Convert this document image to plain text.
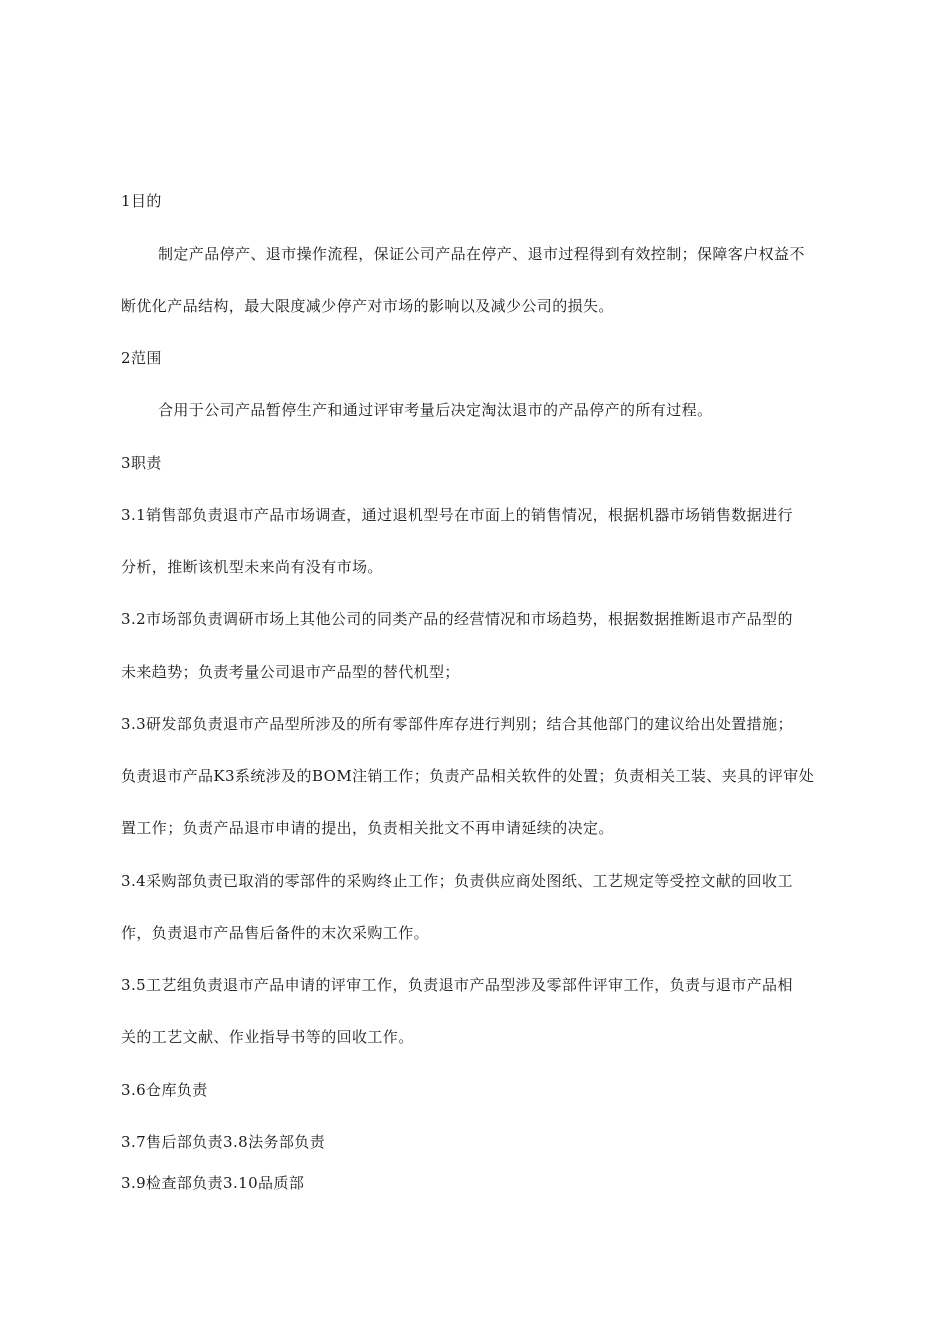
1目的
制定产品停产、退市操作流程，保证公司产品在停产、退市过程得到有效控制；保障客户权益不
断优化产品结构，最大限度减少停产对市场的影响以及减少公司的损失。
2范围
合用于公司产品暂停生产和通过评审考量后决定淘汰退市的产品停产的所有过程。
3职责
3.1销售部负责退市产品市场调查，通过退机型号在市面上的销售情况，根据机器市场销售数据进行
分析，推断该机型未来尚有没有市场。
3.2市场部负责调研市场上其他公司的同类产品的经营情况和市场趋势，根据数据推断退市产品型的
未来趋势；负责考量公司退市产品型的替代机型；
3.3研发部负责退市产品型所涉及的所有零部件库存进行判别；结合其他部门的建议给出处置措施；
负责退市产品K3系统涉及的BOM注销工作；负责产品相关软件的处置；负责相关工装、夹具的评审处
置工作；负责产品退市申请的提出，负责相关批文不再申请延续的决定。
3.4采购部负责已取消的零部件的采购终止工作；负责供应商处图纸、工艺规定等受控文献的回收工
作，负责退市产品售后备件的末次采购工作。
3.5工艺组负责退市产品申请的评审工作，负责退市产品型涉及零部件评审工作，负责与退市产品相
关的工艺文献、作业指导书等的回收工作。
3.6仓库负责
3.7售后部负责3.8法务部负责
3.9检查部负责3.10品质部
